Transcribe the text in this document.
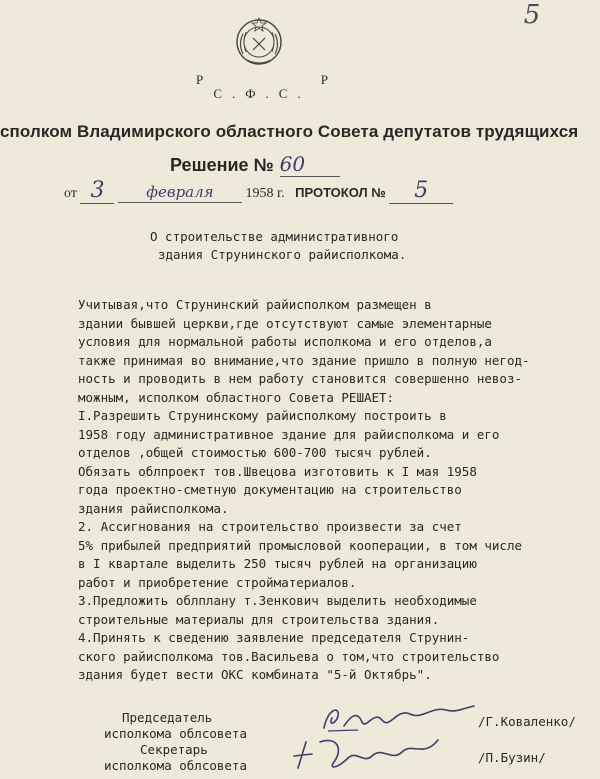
5
Р	Р
С.Ф.С.
сполком Владимирского областного Совета депутатов трудящихся
Решение № 60
от 3	февраля 1958 г. ПРОТОКОЛ № 5
О строительстве административного
здания Струнинского райисполкома.
Учитывая,что Струнинский райисполком размещен в
здании бывшей церкви,где отсутствуют самые элементарные
условия для нормальной работы исполкома и его отделов,а
также принимая во внимание,что здание пришло в полную негод-
ность и проводить в нем работу становится совершенно невоз-
можным, исполком областного Совета РЕШАЕТ:
I.Разрешить Струнинскому райисполкому построить в
1958 году административное здание для райисполкома и его
отделов ,общей стоимостью 600-700 тысяч рублей.
Обязать облпроект тов.Швецова изготовить к I мая 1958
года проектно-сметную документацию на строительство
здания райисполкома.
2. Ассигнования на строительство произвести за счет
5% прибылей предприятий промысловой кооперации, в том числе
в I квартале выделить 250 тысяч рублей на организацию
работ и приобретение стройматериалов.
3.Предложить облплану т.Зенкович выделить необходимые
строительные материалы для строительства здания.
4.Принять к сведению заявление председателя Струнин-
ского райисполкома тов.Васильева о том,что строительство
здания будет вести ОКС комбината "5-й Октябрь".
Председатель
исполкома облсовета
/Г.Коваленко/
Секретарь
исполкома облсовета
/П.Бузин/
